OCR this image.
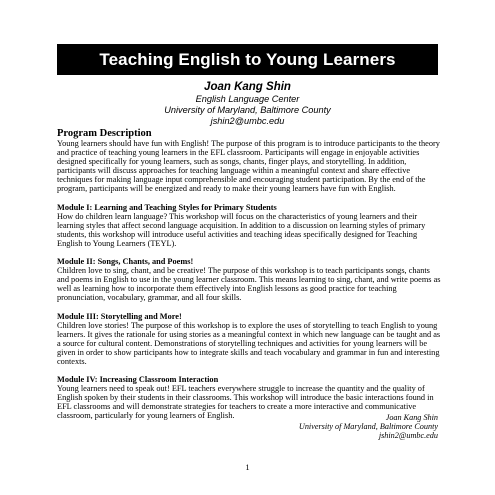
Teaching English to Young Learners
Joan Kang Shin
English Language Center
University of Maryland, Baltimore County
jshin2@umbc.edu

Program Description

Young learners should have fun with English! The purpose of this program is to introduce participants to the theory and practice of teaching young learners in the EFL classroom. Participants will engage in enjoyable activities designed specifically for young learners, such as songs, chants, finger plays, and storytelling. In addition, participants will discuss approaches for teaching language within a meaningful context and share effective techniques for making language input comprehensible and encouraging student participation. By the end of the program, participants will be energized and ready to make their young learners have fun with English.

Module I: Learning and Teaching Styles for Primary Students

How do children learn language? This workshop will focus on the characteristics of young learners and their learning styles that affect second language acquisition. In addition to a discussion on learning styles of primary students, this workshop will introduce useful activities and teaching ideas specifically designed for Teaching English to Young Learners (TEYL).

Module II: Songs, Chants, and Poems!

Children love to sing, chant, and be creative! The purpose of this workshop is to teach participants songs, chants and poems in English to use in the young learner classroom. This means learning to sing, chant, and write poems as well as learning how to incorporate them effectively into English lessons as good practice for teaching pronunciation, vocabulary, grammar, and all four skills.

Module III: Storytelling and More!

Children love stories! The purpose of this workshop is to explore the uses of storytelling to teach English to young learners. It gives the rationale for using stories as a meaningful context in which new language can be taught and as a source for cultural content. Demonstrations of storytelling techniques and activities for young learners will be given in order to show participants how to integrate skills and teach vocabulary and grammar in fun and interesting contexts.

Module IV: Increasing Classroom Interaction

Young learners need to speak out! EFL teachers everywhere struggle to increase the quantity and the quality of English spoken by their students in their classrooms. This workshop will introduce the basic interactions found in EFL classrooms and will demonstrate strategies for teachers to create a more interactive and communicative classroom, particularly for young learners of English.	Joan Kang Shin
University of Maryland, Baltimore County
jshin2@umbc.edu
1
